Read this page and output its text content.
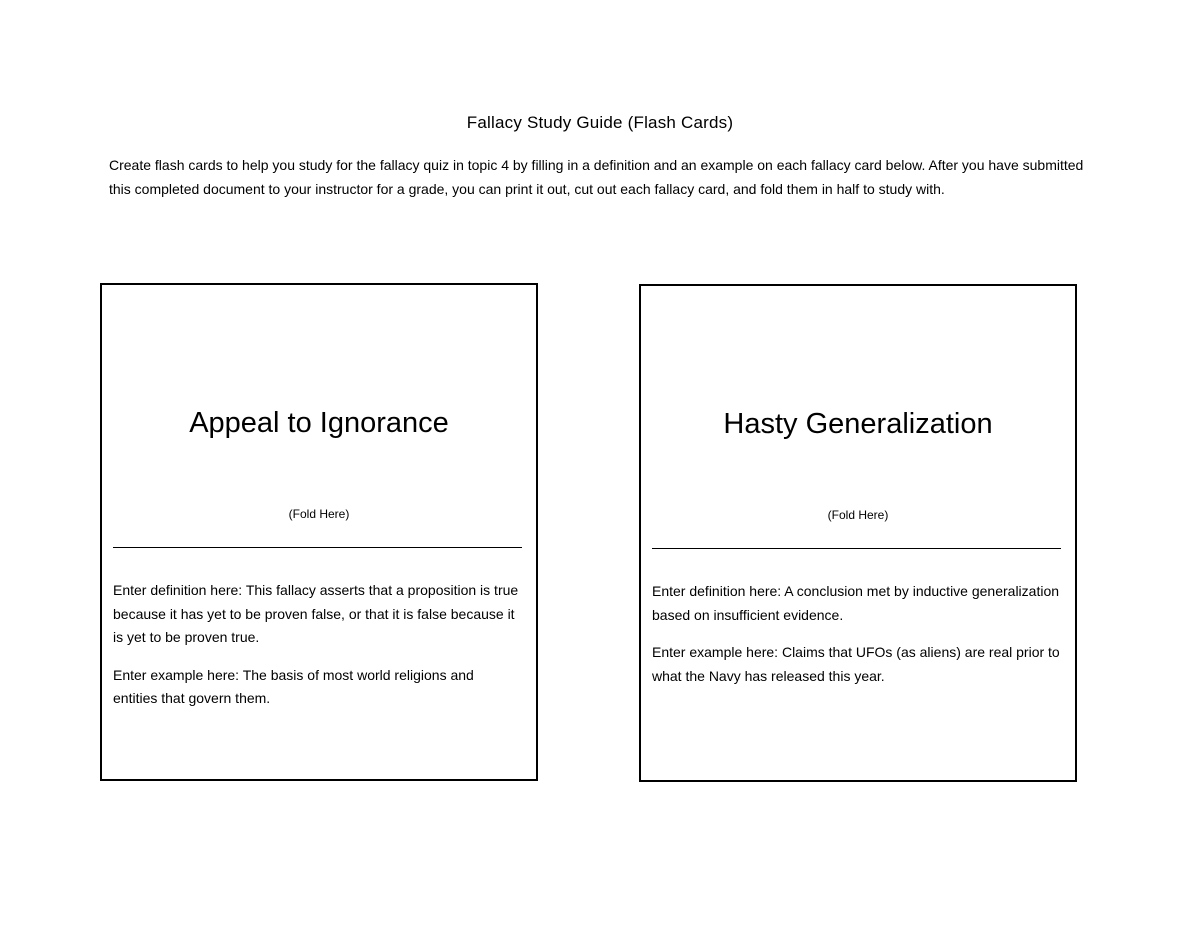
Fallacy Study Guide (Flash Cards)
Create flash cards to help you study for the fallacy quiz in topic 4 by filling in a definition and an example on each fallacy card below. After you have submitted this completed document to your instructor for a grade, you can print it out, cut out each fallacy card, and fold them in half to study with.
Appeal to Ignorance
(Fold Here)

Enter definition here: This fallacy asserts that a proposition is true because it has yet to be proven false, or that it is false because it is yet to be proven true.

Enter example here: The basis of most world religions and entities that govern them.

Hasty Generalization
(Fold Here)

Enter definition here: A conclusion met by inductive generalization based on insufficient evidence.

Enter example here: Claims that UFOs (as aliens) are real prior to what the Navy has released this year.
